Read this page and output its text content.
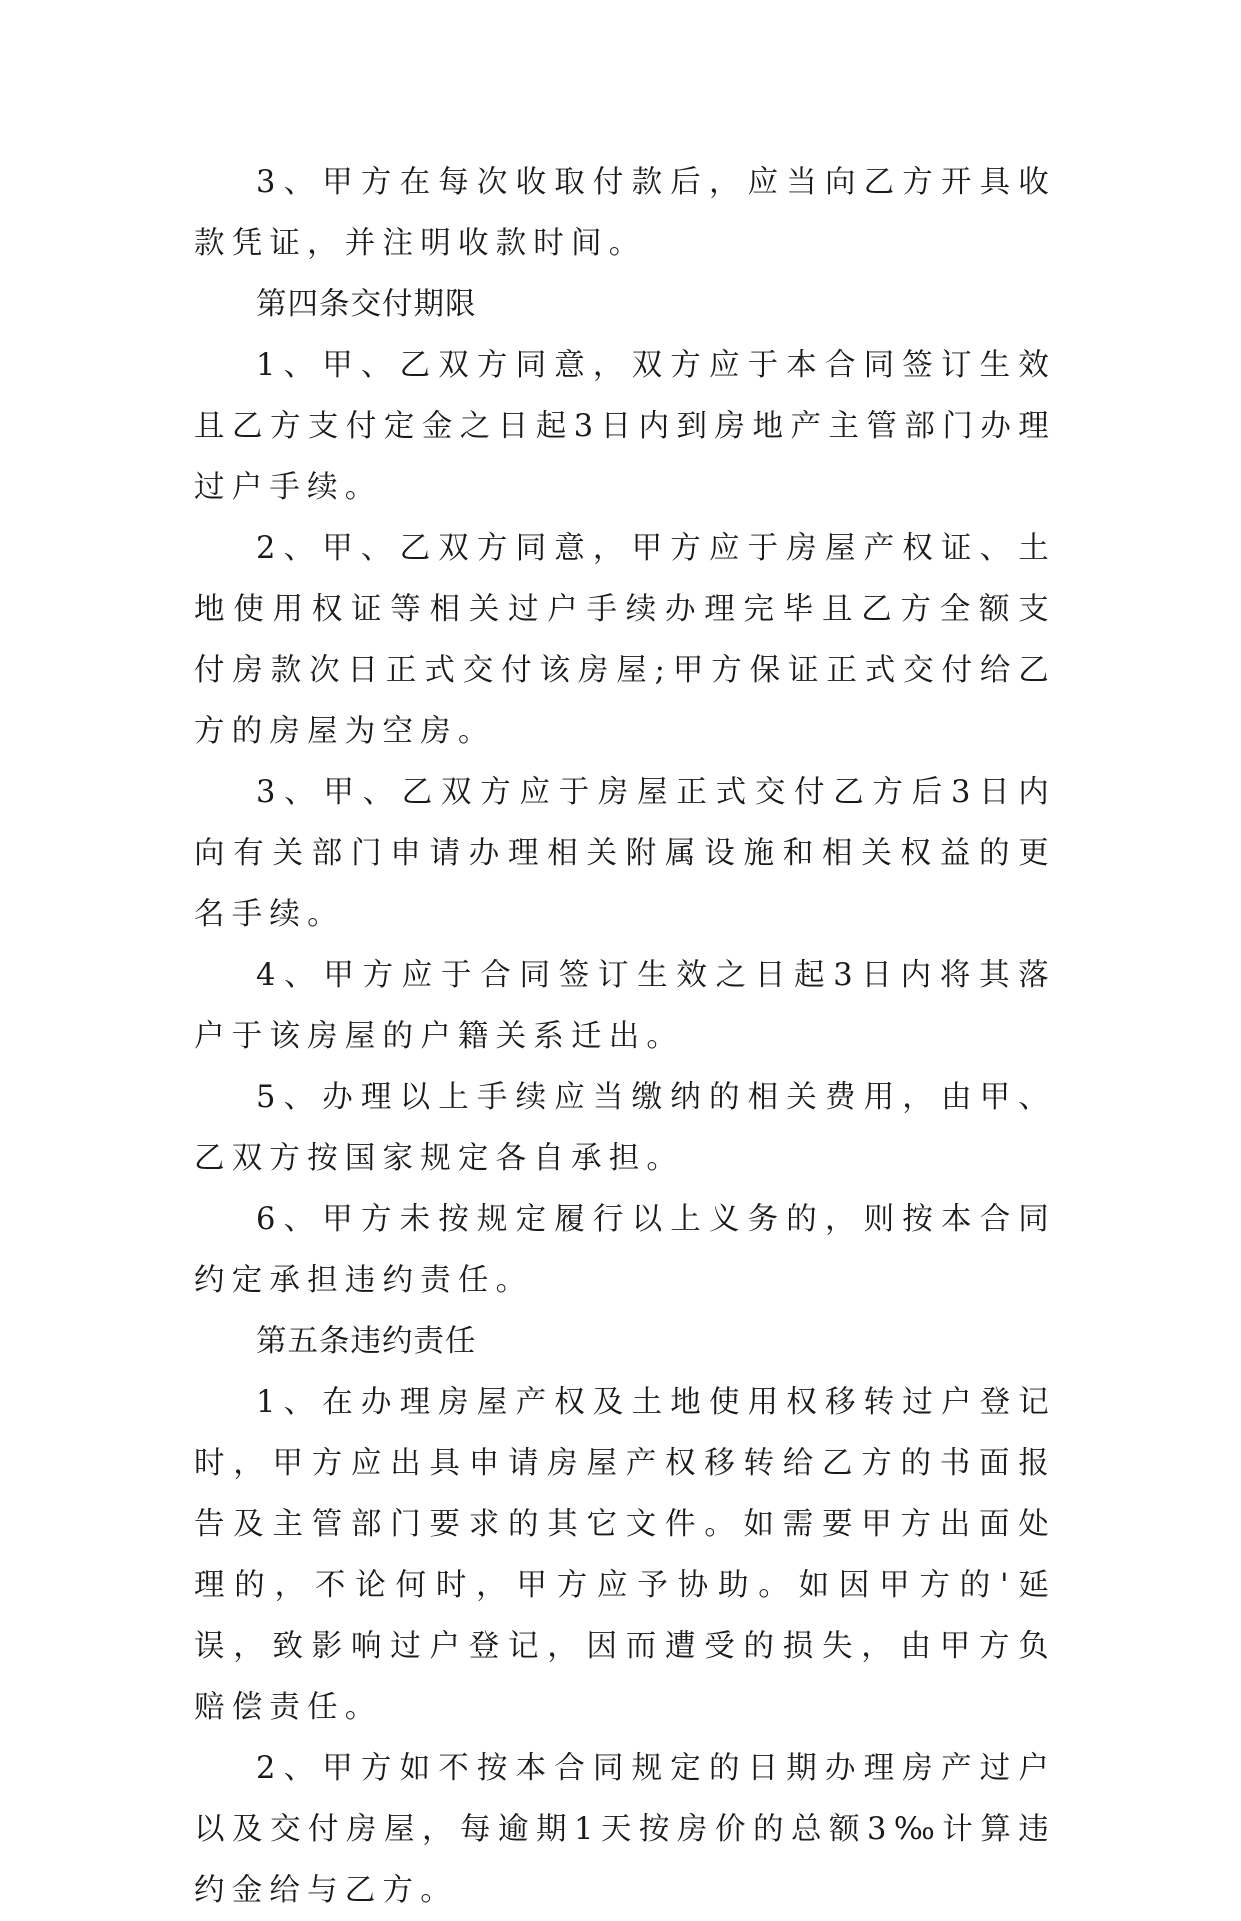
3、甲方在每次收取付款后，应当向乙方开具收款凭证，并注明收款时间。

第四条交付期限

1、甲、乙双方同意，双方应于本合同签订生效且乙方支付定金之日起3日内到房地产主管部门办理过户手续。

2、甲、乙双方同意，甲方应于房屋产权证、土地使用权证等相关过户手续办理完毕且乙方全额支付房款次日正式交付该房屋;甲方保证正式交付给乙方的房屋为空房。

3、甲、乙双方应于房屋正式交付乙方后3日内向有关部门申请办理相关附属设施和相关权益的更名手续。

4、甲方应于合同签订生效之日起3日内将其落户于该房屋的户籍关系迁出。

5、办理以上手续应当缴纳的相关费用，由甲、乙双方按国家规定各自承担。

6、甲方未按规定履行以上义务的，则按本合同约定承担违约责任。

第五条违约责任

1、在办理房屋产权及土地使用权移转过户登记时，甲方应出具申请房屋产权移转给乙方的书面报告及主管部门要求的其它文件。如需要甲方出面处理的，不论何时，甲方应予协助。如因甲方的'延误，致影响过户登记，因而遭受的损失，由甲方负赔偿责任。

2、甲方如不按本合同规定的日期办理房产过户以及交付房屋，每逾期1天按房价的总额3‰计算违约金给与乙方。
